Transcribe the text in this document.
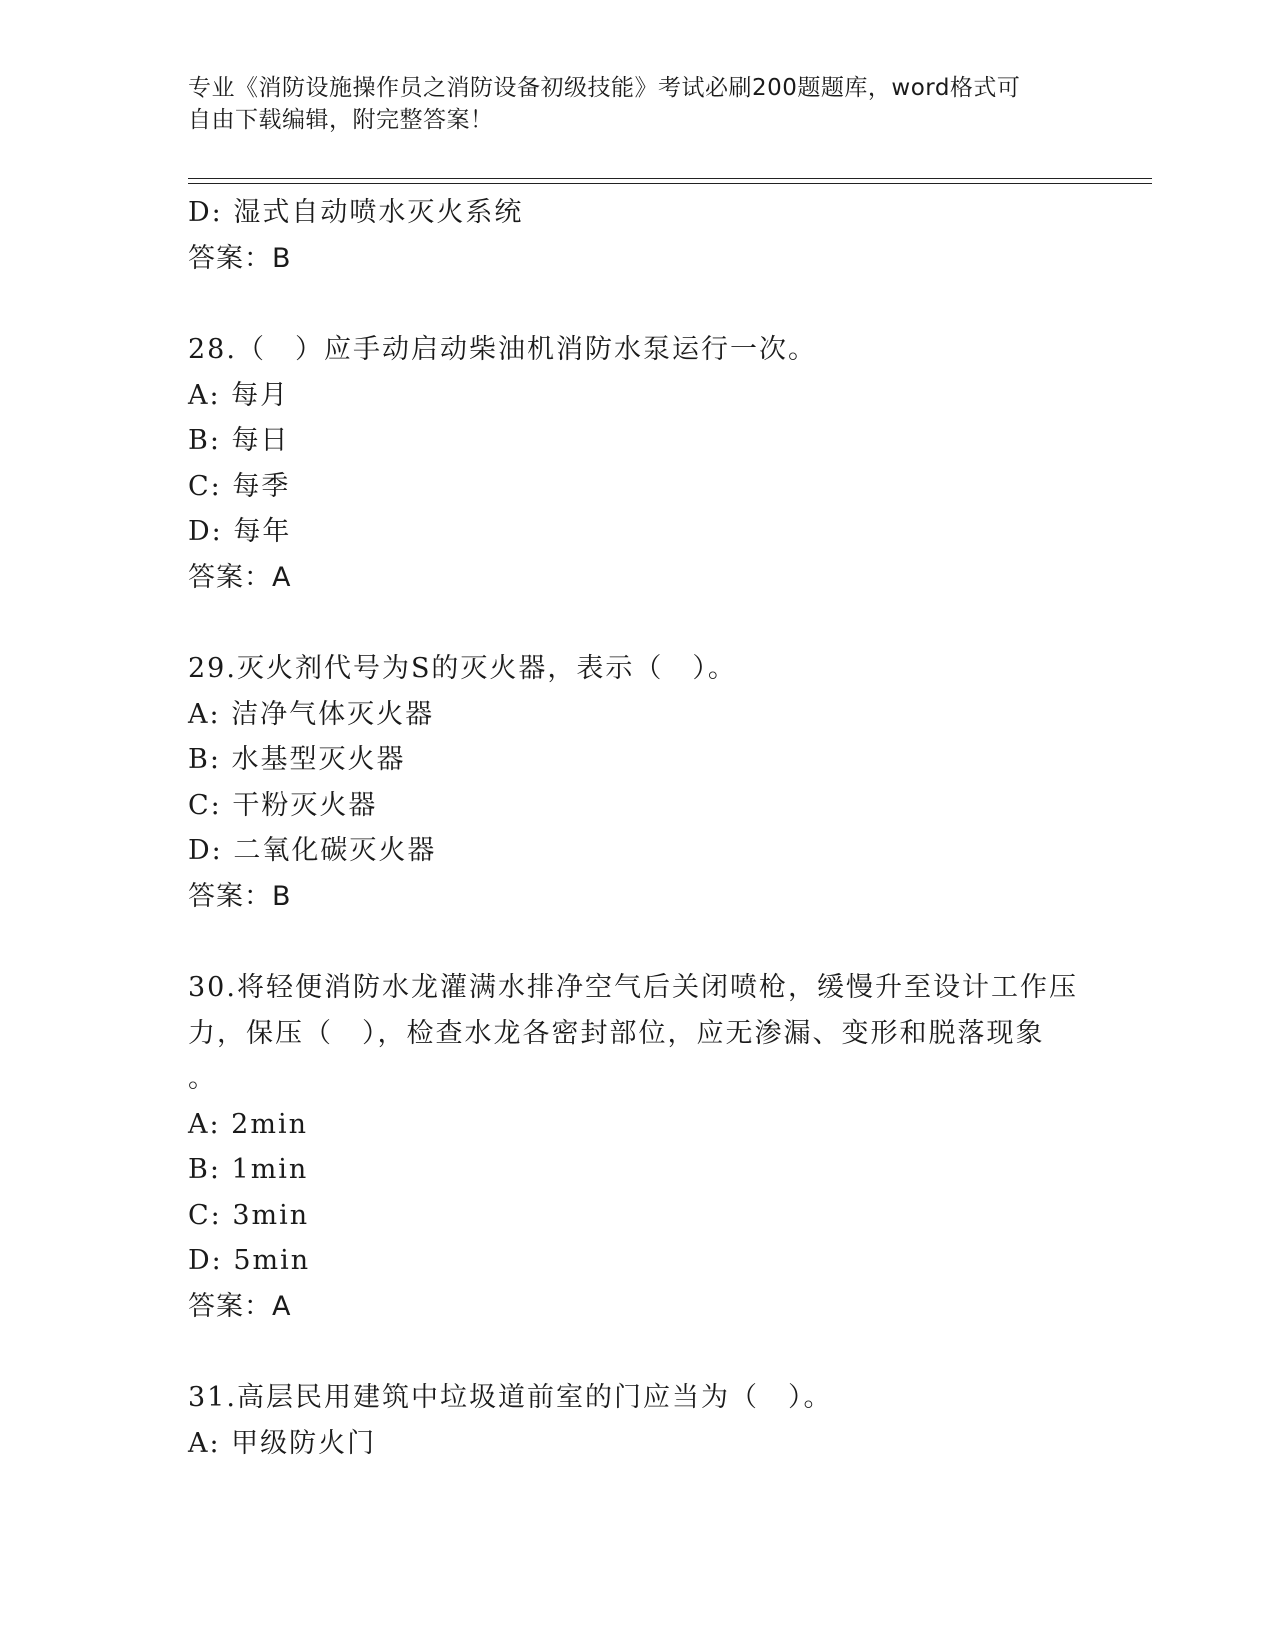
专业《消防设施操作员之消防设备初级技能》考试必刷200题题库，word格式可
自由下载编辑，附完整答案！
D: 湿式自动喷水灭火系统
答案：B
28.（　）应手动启动柴油机消防水泵运行一次。
A: 每月
B: 每日
C: 每季
D: 每年
答案：A
29.灭火剂代号为S的灭火器，表示（　）。
A: 洁净气体灭火器
B: 水基型灭火器
C: 干粉灭火器
D: 二氧化碳灭火器
答案：B
30.将轻便消防水龙灌满水排净空气后关闭喷枪，缓慢升至设计工作压
力，保压（　），检查水龙各密封部位，应无渗漏、变形和脱落现象
。
A: 2min
B: 1min
C: 3min
D: 5min
答案：A
31.高层民用建筑中垃圾道前室的门应当为（　）。
A: 甲级防火门
